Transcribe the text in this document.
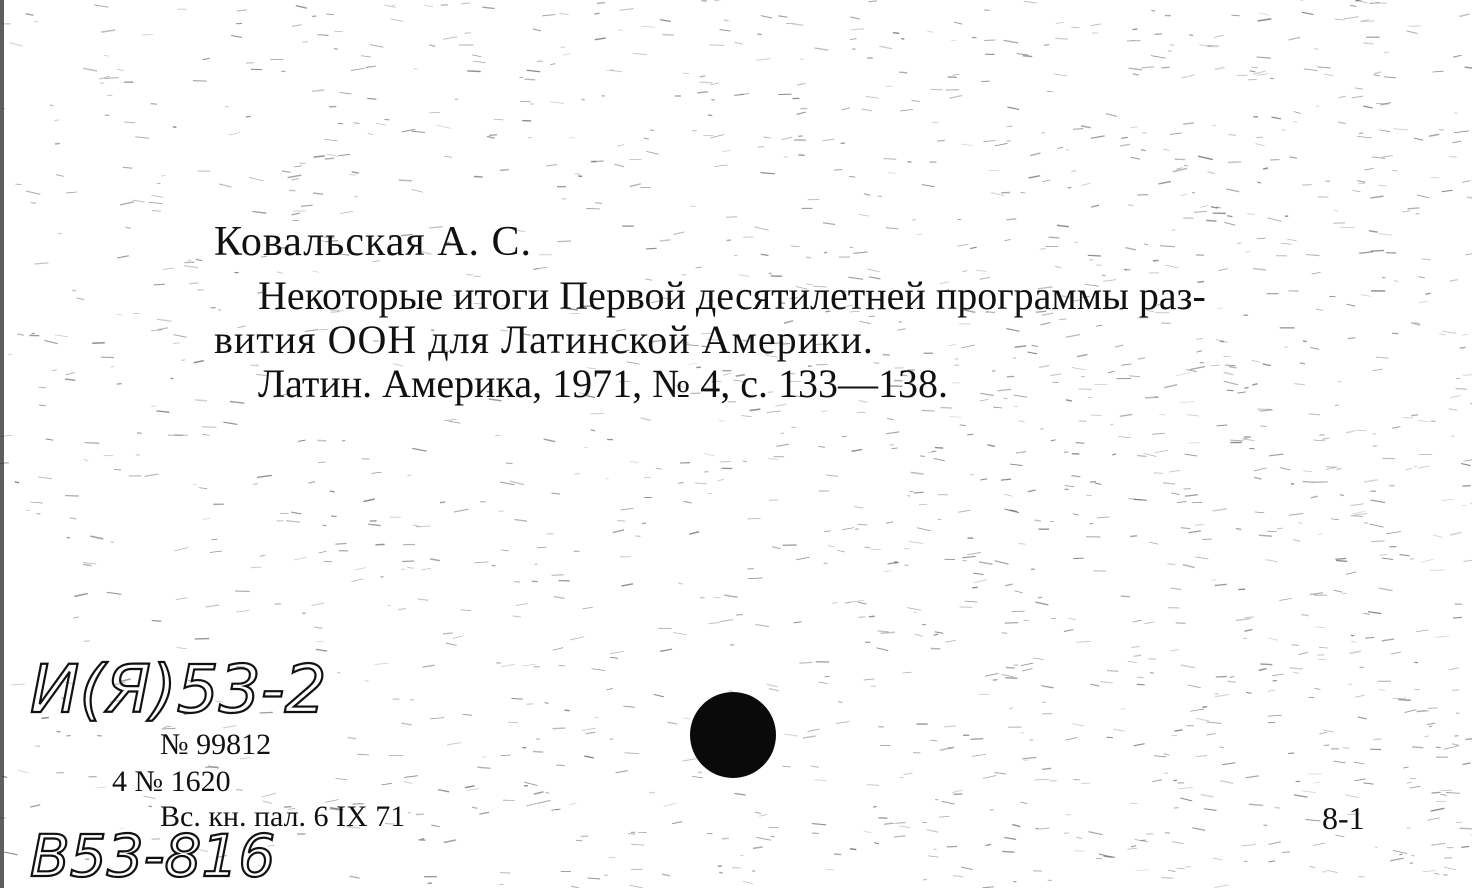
Ковальская А. С.
Некоторые итоги Первой десятилетней программы раз-
вития ООН для Латинской Америки.
Латин. Америка, 1971, № 4, с. 133—138.
И(Я)53-2
В53-816
№ 99812
4 № 1620
Вс. кн. пал. 6 IX 71	8-1
